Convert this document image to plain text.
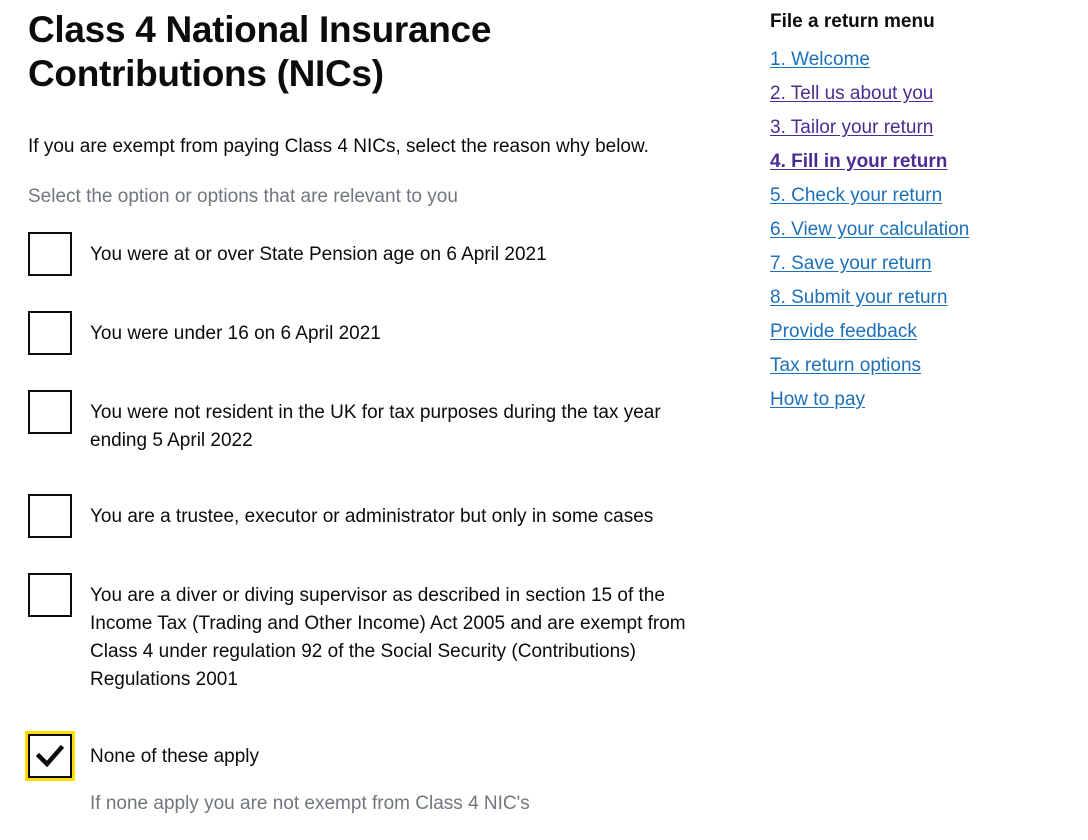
Class 4 National Insurance Contributions (NICs)

If you are exempt from paying Class 4 NICs, select the reason why below.

Select the option or options that are relevant to you

You were at or over State Pension age on 6 April 2021
You were under 16 on 6 April 2021
You were not resident in the UK for tax purposes during the tax year ending 5 April 2022
You are a trustee, executor or administrator but only in some cases
You are a diver or diving supervisor as described in section 15 of the Income Tax (Trading and Other Income) Act 2005 and are exempt from Class 4 under regulation 92 of the Social Security (Contributions) Regulations 2001
None of these apply
If none apply you are not exempt from Class 4 NIC's
File a return menu
1. Welcome
2. Tell us about you
3. Tailor your return
4. Fill in your return
5. Check your return
6. View your calculation
7. Save your return
8. Submit your return
Provide feedback
Tax return options
How to pay
